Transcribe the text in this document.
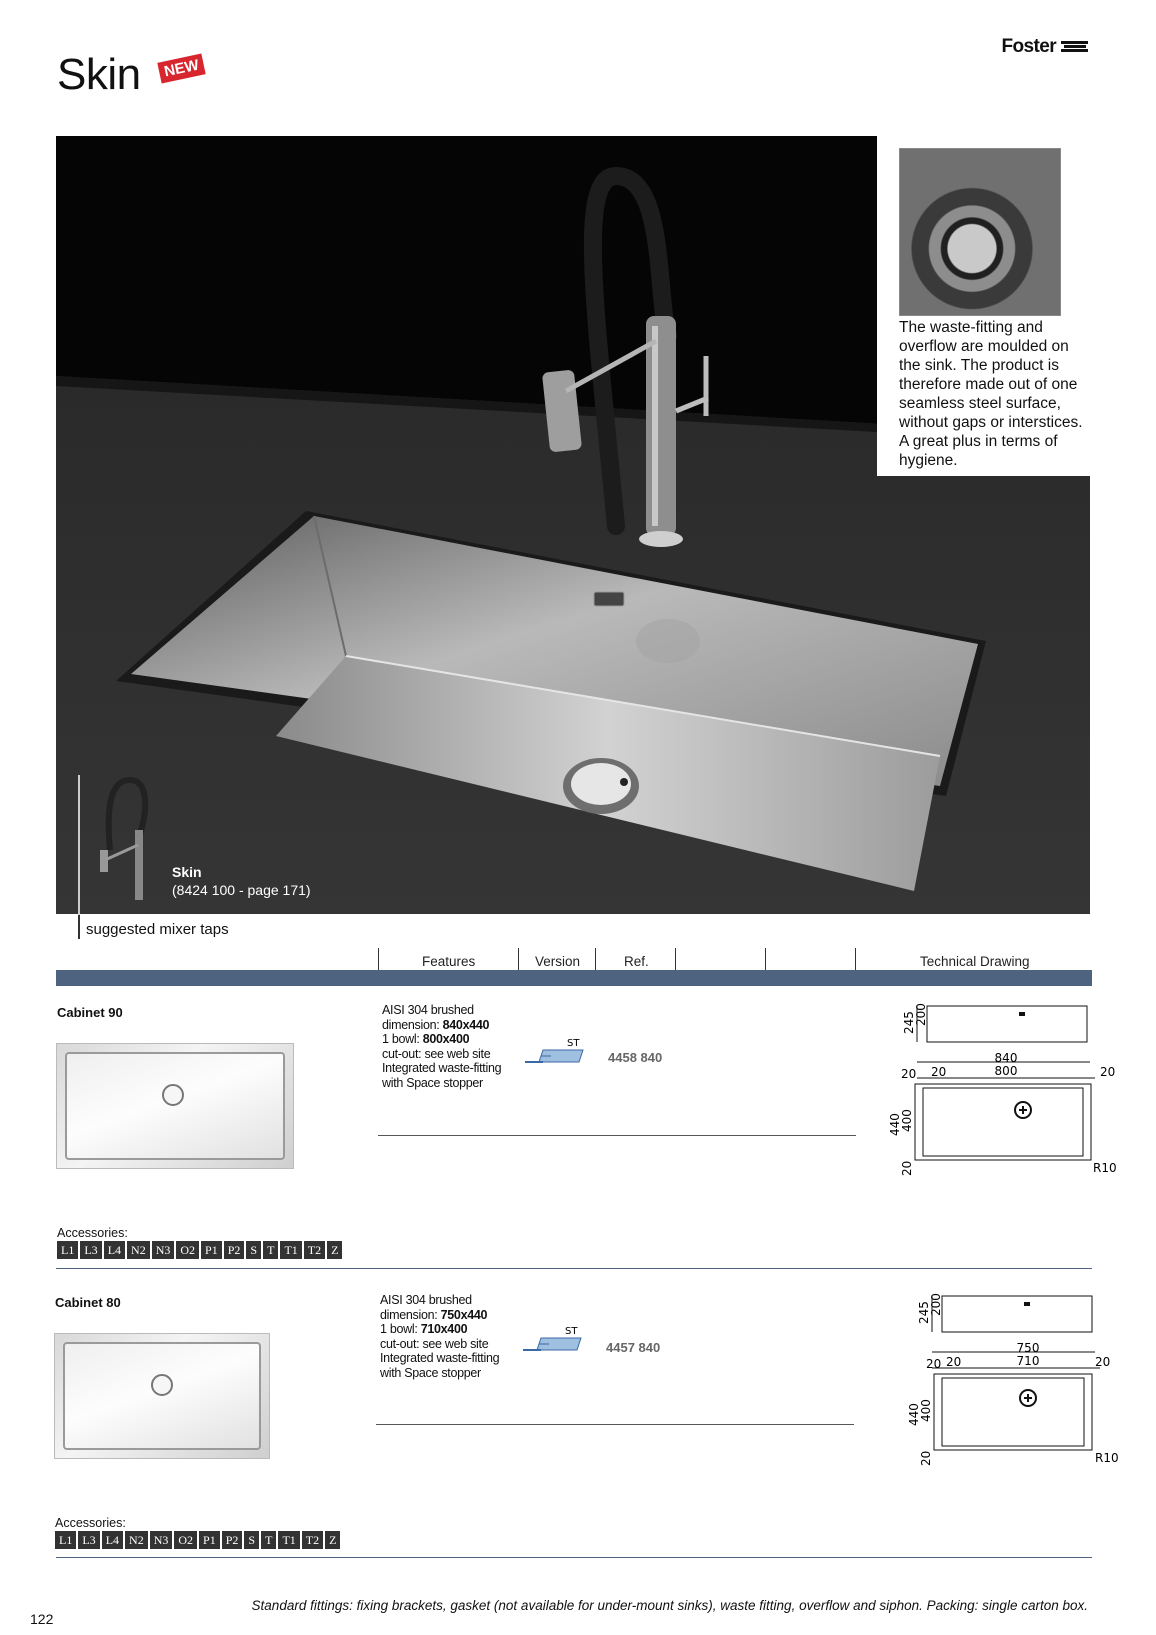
Skin	NEW
Foster
The waste-fitting and overflow are moulded on the sink. The product is therefore made out of one seamless steel surface, without gaps or interstices. A great plus in terms of hygiene.
Skin
(8424 100 - page 171)
suggested mixer taps
Features	Version	Ref.	Technical Drawing
Cabinet 90	AISI 304 brushed
dimension: 840x440
1 bowl: 800x400
cut-out: see web site
Integrated waste-fitting
with Space stopper
ST
4458 840
245
200
840
20 20	800	20
440
400
20	R10
Accessories:
L1 L3 L4 N2 N3 O2 P1 P2 S T T1 T2 Z
Cabinet 80	AISI 304 brushed
dimension: 750x440
1 bowl: 710x400
cut-out: see web site
Integrated waste-fitting
with Space stopper
ST
4457 840
245
200
750
20 20	710	20
440
400
20	R10
Accessories:
L1 L3 L4 N2 N3 O2 P1 P2 S T T1 T2 Z
Standard fittings: fixing brackets, gasket (not available for under-mount sinks), waste fitting, overflow and siphon. Packing: single carton box.
122
